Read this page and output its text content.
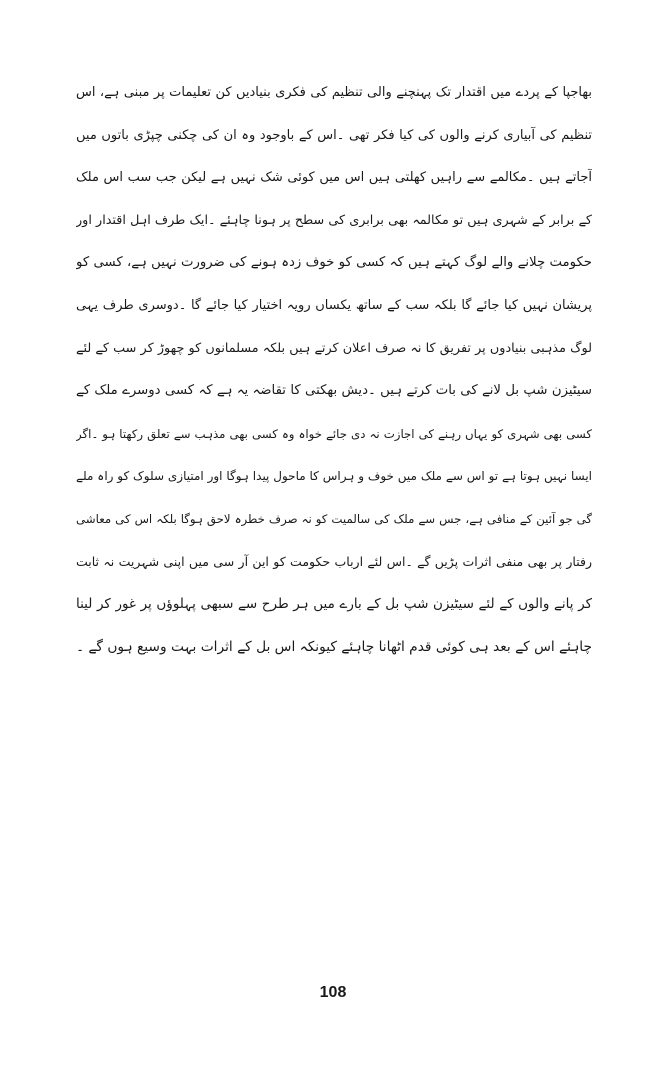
بھاجپا کے پردے میں اقتدار تک پہنچنے والی تنظیم کی فکری بنیادیں کن تعلیمات پر مبنی ہے، اس
تنظیم کی آبیاری کرنے والوں کی کیا فکر تھی ۔اس کے باوجود وہ ان کی چکنی چپڑی باتوں میں
آجاتے ہیں ۔مکالمے سے راہیں کھلتی ہیں اس میں کوئی شک نہیں ہے لیکن جب سب اس ملک
کے برابر کے شہری ہیں تو مکالمہ بھی برابری کی سطح پر ہونا چاہئے ۔ایک طرف اہل اقتدار اور
حکومت چلانے والے لوگ کہتے ہیں کہ کسی کو خوف زدہ ہونے کی ضرورت نہیں ہے، کسی کو
پریشان نہیں کیا جائے گا بلکہ سب کے ساتھ یکساں رویہ اختیار کیا جائے گا ۔دوسری طرف یہی
لوگ مذہبی بنیادوں پر تفریق کا نہ صرف اعلان کرتے ہیں بلکہ مسلمانوں کو چھوڑ کر سب کے لئے
سیٹیزن شپ بل لانے کی بات کرتے ہیں ۔دیش بھکتی کا تقاضہ یہ ہے کہ کسی دوسرے ملک کے
کسی بھی شہری کو یہاں رہنے کی اجازت نہ دی جائے خواہ وہ کسی بھی مذہب سے تعلق رکھتا ہو ۔اگر
ایسا نہیں ہوتا ہے تو اس سے ملک میں خوف و ہراس کا ماحول پیدا ہوگا اور امتیازی سلوک کو راہ ملے
گی جو آئین کے منافی ہے، جس سے ملک کی سالمیت کو نہ صرف خطرہ لاحق ہوگا بلکہ اس کی معاشی
رفتار پر بھی منفی اثرات پڑیں گے ۔اس لئے ارباب حکومت کو این آر سی میں اپنی شہریت نہ ثابت
کر پانے والوں کے لئے سیٹیزن شپ بل کے بارے میں ہر طرح سے سبھی پہلوؤں پر غور کر لینا
چاہئے اس کے بعد ہی کوئی قدم اٹھانا چاہئے کیونکہ اس بل کے اثرات بہت وسیع ہوں گے ۔
108
